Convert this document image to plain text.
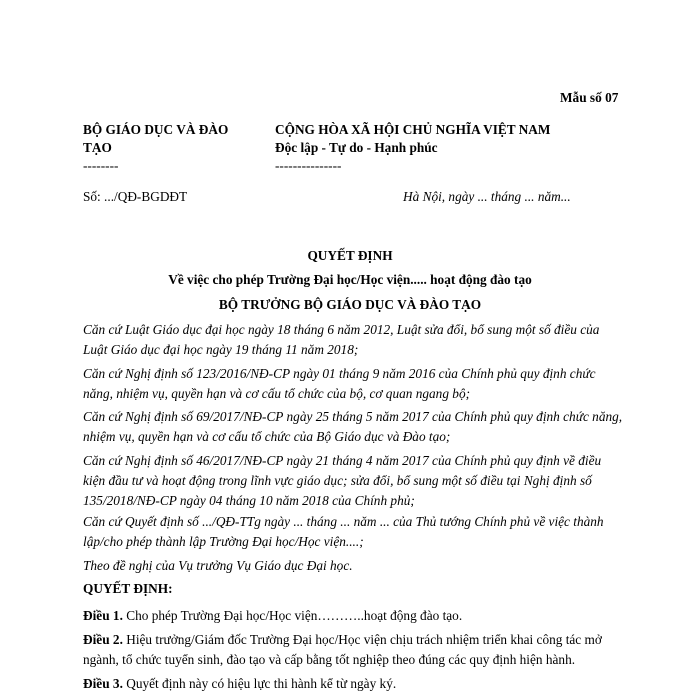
Mẫu số 07
BỘ GIÁO DỤC VÀ ĐÀO
TẠO
--------
Số: .../QĐ-BGDĐT
CỘNG HÒA XÃ HỘI CHỦ NGHĨA VIỆT NAM
Độc lập - Tự do - Hạnh phúc
---------------
Hà Nội, ngày ... tháng ... năm...
QUYẾT ĐỊNH
Về việc cho phép Trường Đại học/Học viện..... hoạt động đào tạo
BỘ TRƯỞNG BỘ GIÁO DỤC VÀ ĐÀO TẠO
Căn cứ Luật Giáo dục đại học ngày 18 tháng 6 năm 2012, Luật sửa đổi, bổ sung một số điều của Luật Giáo dục đại học ngày 19 tháng 11 năm 2018;
Căn cứ Nghị định số 123/2016/NĐ-CP ngày 01 tháng 9 năm 2016 của Chính phủ quy định chức năng, nhiệm vụ, quyền hạn và cơ cấu tổ chức của bộ, cơ quan ngang bộ;
Căn cứ Nghị định số 69/2017/NĐ-CP ngày 25 tháng 5 năm 2017 của Chính phủ quy định chức năng, nhiệm vụ, quyền hạn và cơ cấu tổ chức của Bộ Giáo dục và Đào tạo;
Căn cứ Nghị định số 46/2017/NĐ-CP ngày 21 tháng 4 năm 2017 của Chính phủ quy định về điều kiện đầu tư và hoạt động trong lĩnh vực giáo dục; sửa đổi, bổ sung một số điều tại Nghị định số 135/2018/NĐ-CP ngày 04 tháng 10 năm 2018 của Chính phủ;
Căn cứ Quyết định số .../QĐ-TTg ngày ... tháng ... năm ... của Thủ tướng Chính phủ về việc thành lập/cho phép thành lập Trường Đại học/Học viện....;
Theo đề nghị của Vụ trưởng Vụ Giáo dục Đại học.
QUYẾT ĐỊNH:
Điều 1. Cho phép Trường Đại học/Học viện………..hoạt động đào tạo.
Điều 2. Hiệu trưởng/Giám đốc Trường Đại học/Học viện chịu trách nhiệm triển khai công tác mở ngành, tổ chức tuyển sinh, đào tạo và cấp bằng tốt nghiệp theo đúng các quy định hiện hành.
Điều 3. Quyết định này có hiệu lực thi hành kể từ ngày ký.
